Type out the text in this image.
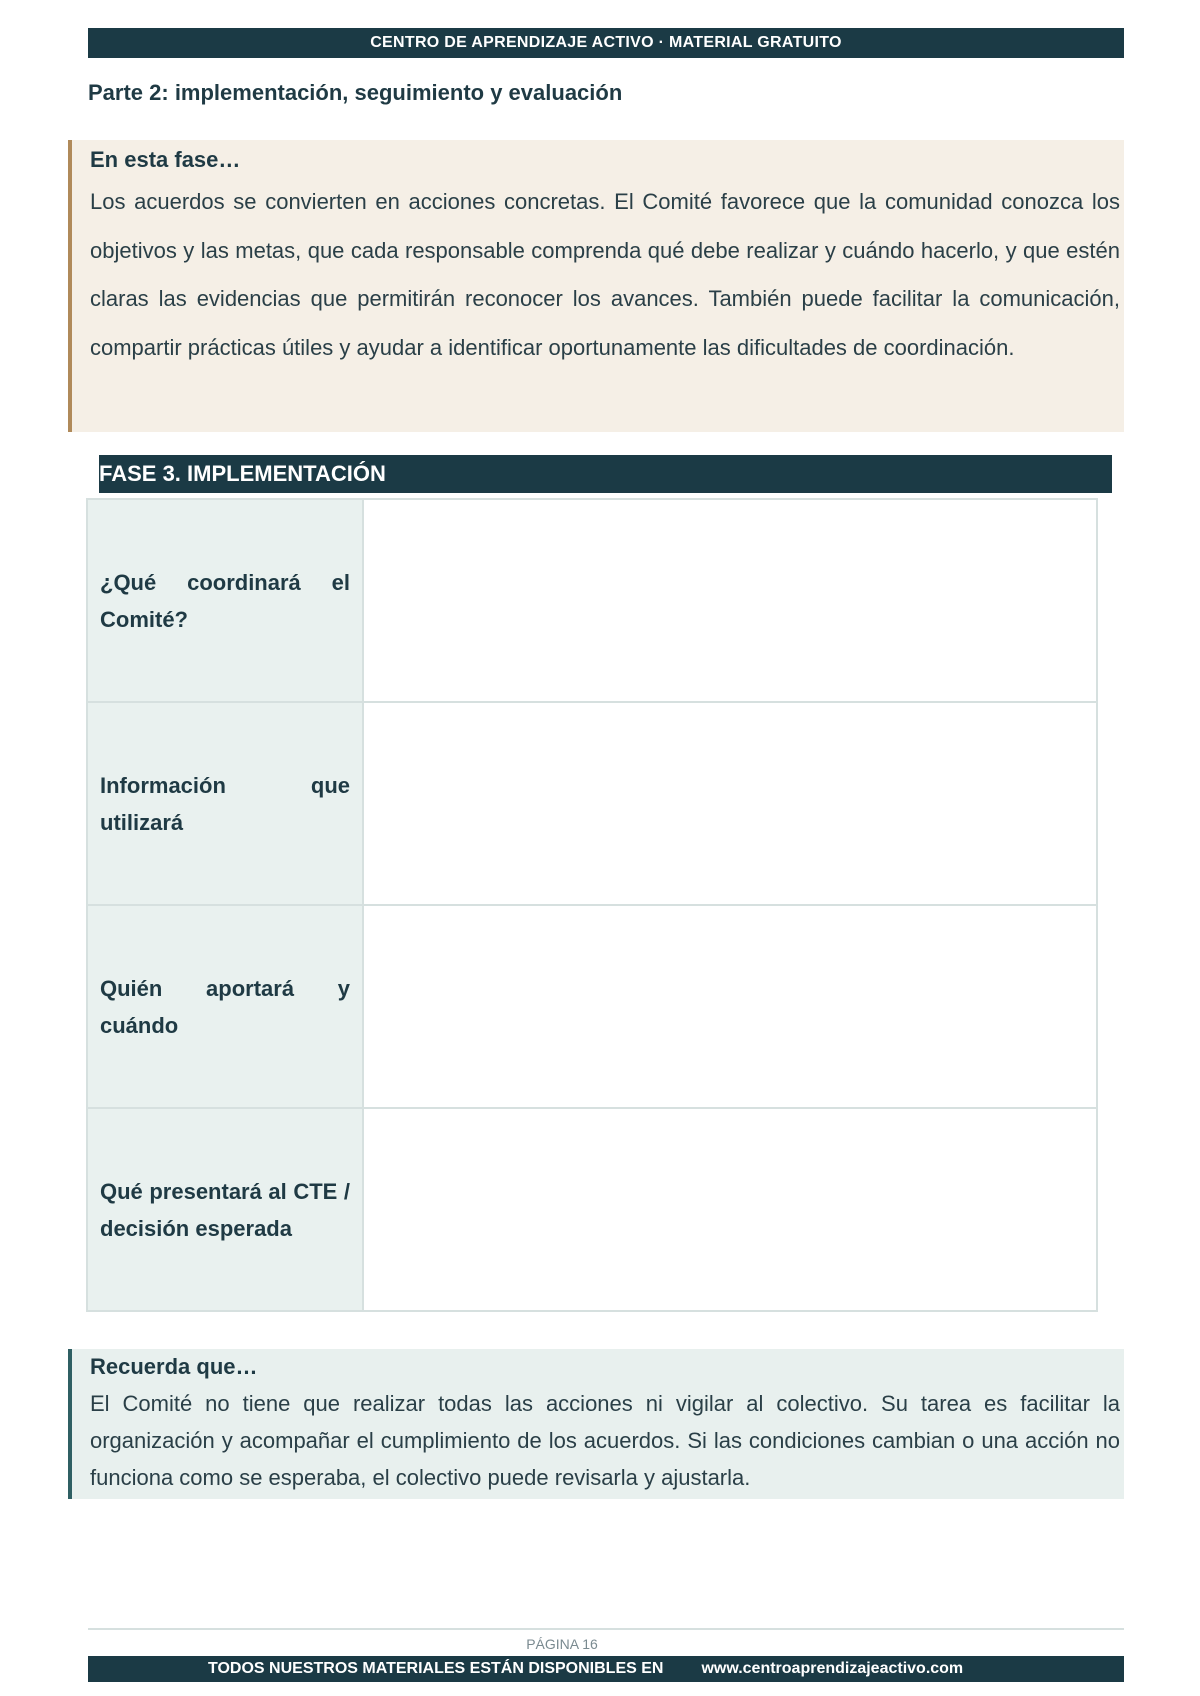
CENTRO DE APRENDIZAJE ACTIVO · MATERIAL GRATUITO
Parte 2: implementación, seguimiento y evaluación
En esta fase…
Los acuerdos se convierten en acciones concretas. El Comité favorece que la comunidad conozca los objetivos y las metas, que cada responsable comprenda qué debe realizar y cuándo hacerlo, y que estén claras las evidencias que permitirán reconocer los avances. También puede facilitar la comunicación, compartir prácticas útiles y ayudar a identificar oportunamente las dificultades de coordinación.
FASE 3. IMPLEMENTACIÓN
¿Qué coordinará el Comité?	

Información que utilizará	

Quién aportará y cuándo	

Qué presentará al CTE / decisión esperada	

Recuerda que…
El Comité no tiene que realizar todas las acciones ni vigilar al colectivo. Su tarea es facilitar la organización y acompañar el cumplimiento de los acuerdos. Si las condiciones cambian o una acción no funciona como se esperaba, el colectivo puede revisarla y ajustarla.
PÁGINA 16
TODOS NUESTROS MATERIALES ESTÁN DISPONIBLES EN www.centroaprendizajeactivo.com
